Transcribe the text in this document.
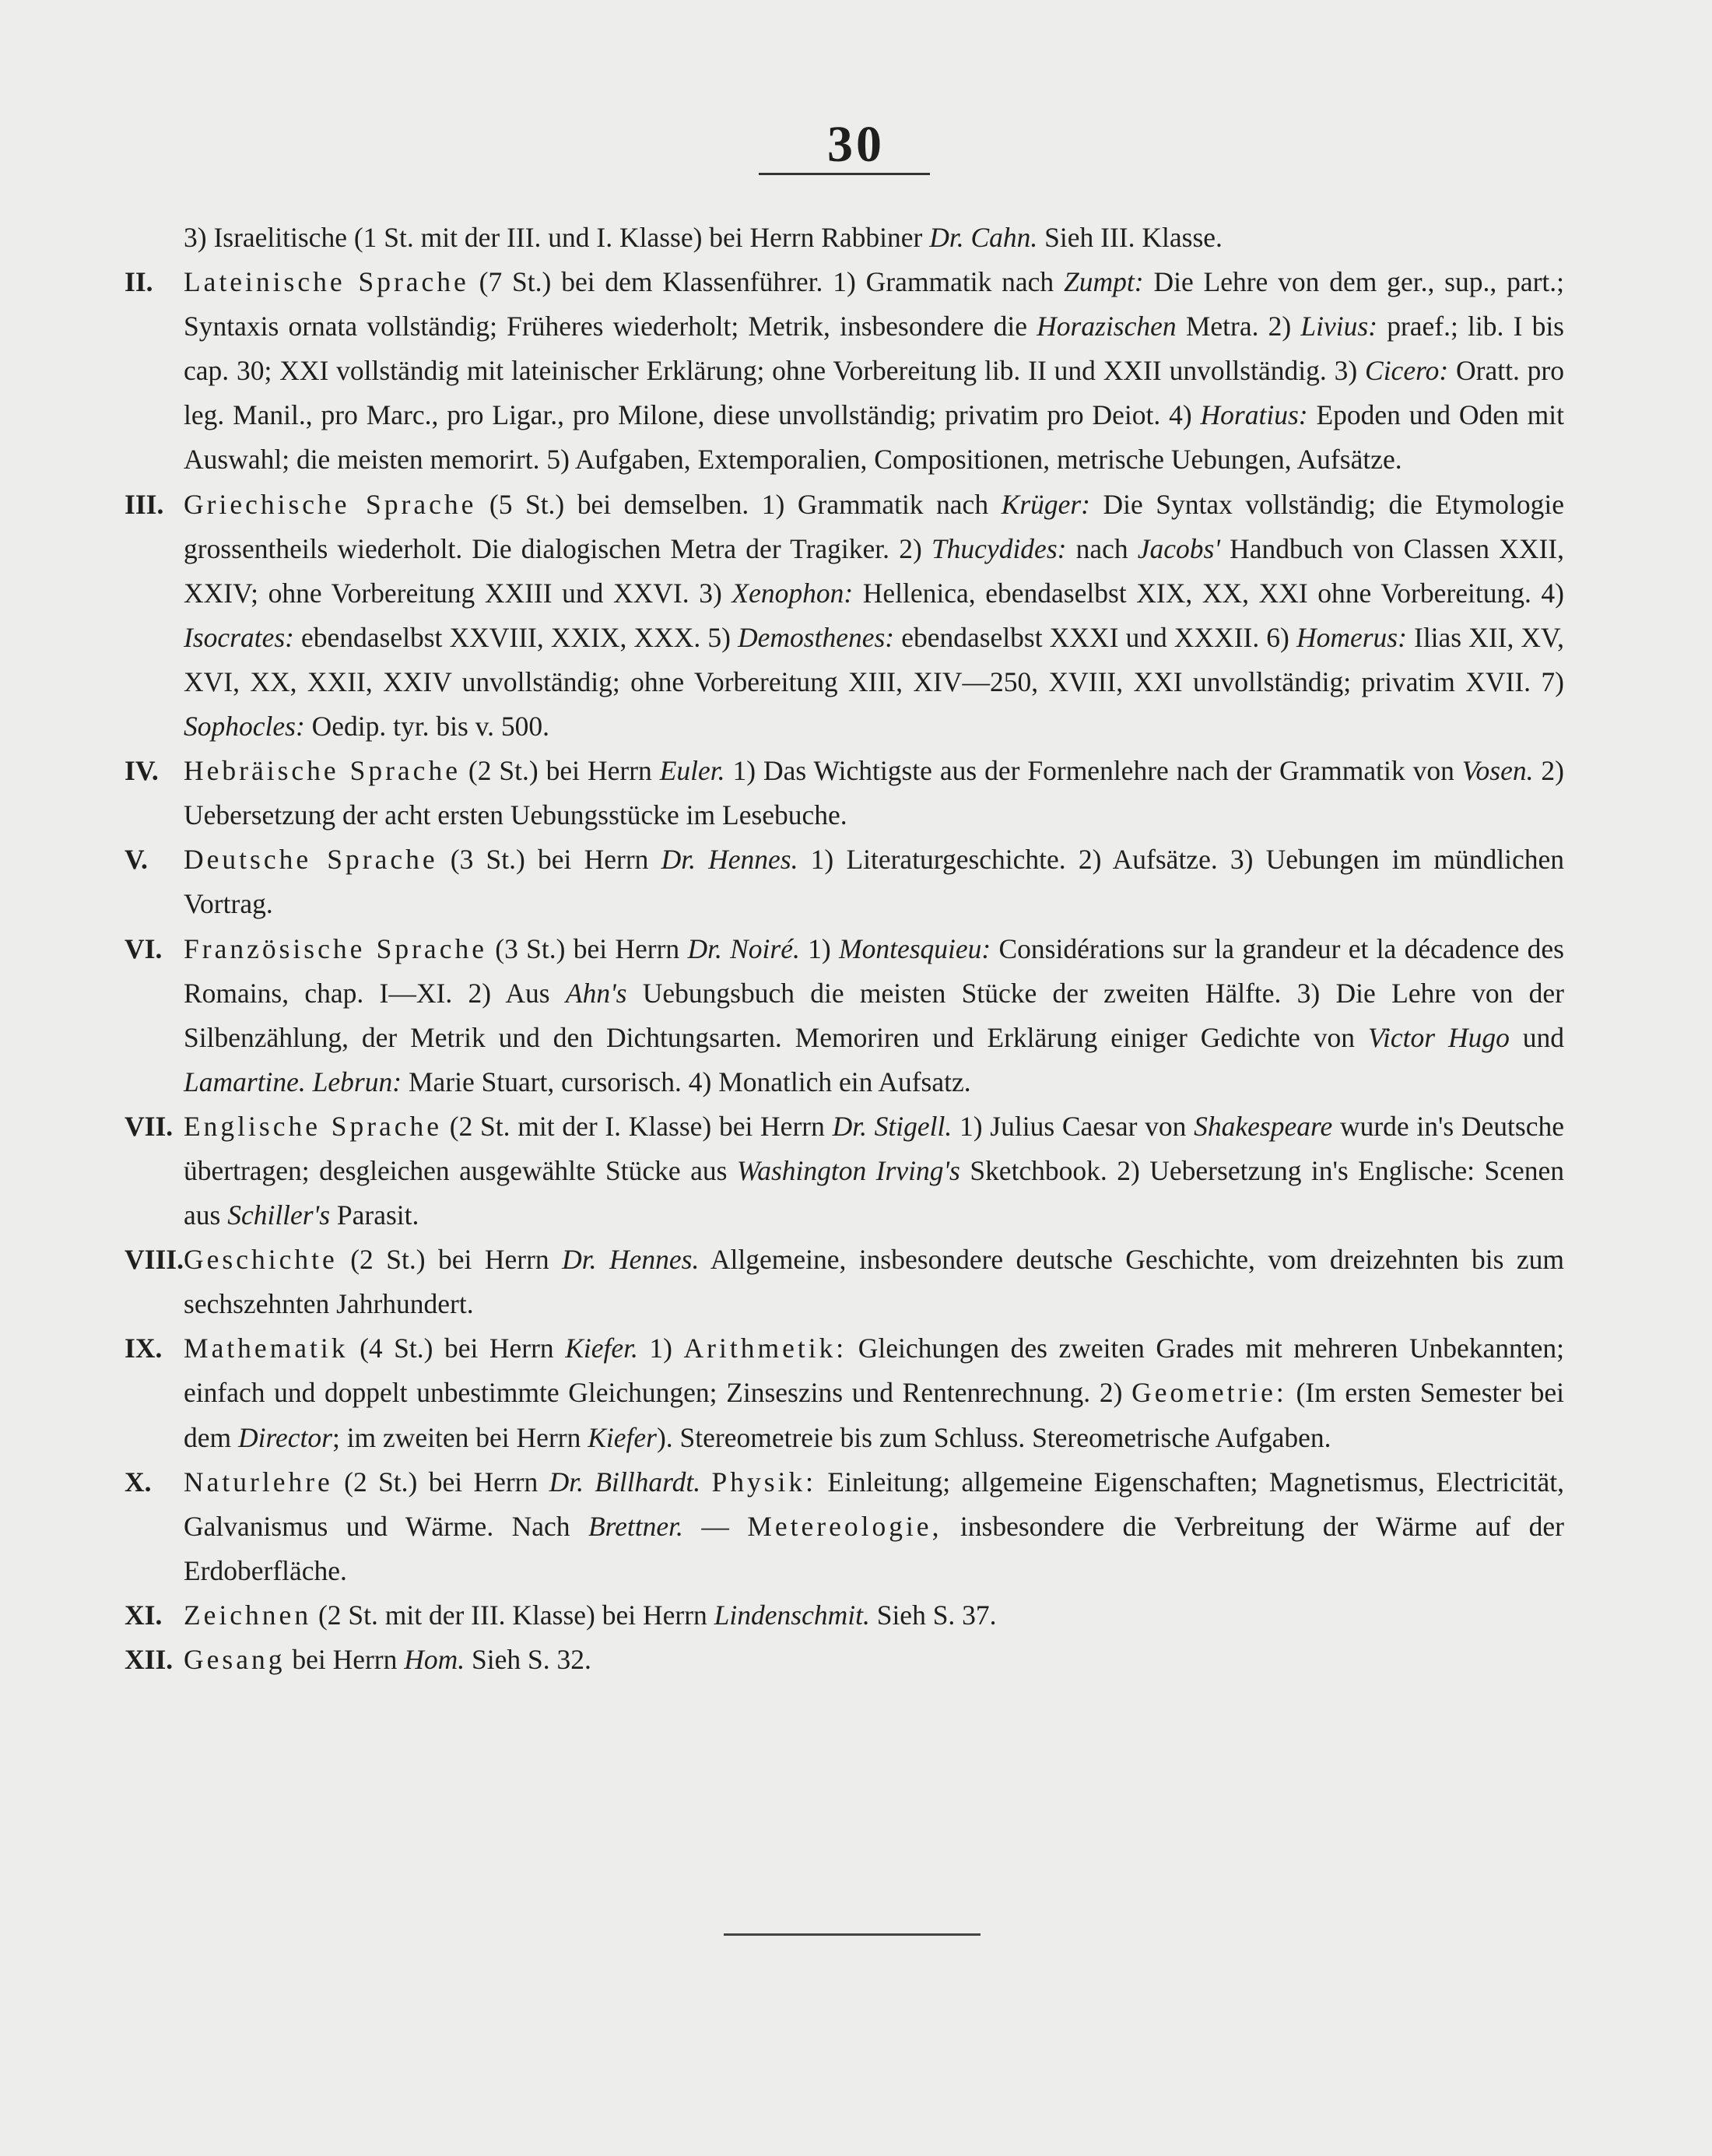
30
3) Israelitische (1 St. mit der III. und I. Klasse) bei Herrn Rabbiner Dr. Cahn. Sieh III. Klasse.
II. Lateinische Sprache (7 St.) bei dem Klassenführer. 1) Grammatik nach Zumpt: Die Lehre von dem ger., sup., part.; Syntaxis ornata vollständig; Früheres wiederholt; Metrik, insbesondere die Horazischen Metra. 2) Livius: praef.; lib. I bis cap. 30; XXI vollständig mit lateinischer Erklärung; ohne Vorbereitung lib. II und XXII unvollständig. 3) Cicero: Oratt. pro leg. Manil., pro Marc., pro Ligar., pro Milone, diese unvollständig; privatim pro Deiot. 4) Horatius: Epoden und Oden mit Auswahl; die meisten memorirt. 5) Aufgaben, Extemporalien, Compositionen, metrische Uebungen, Aufsätze.
III. Griechische Sprache (5 St.) bei demselben. 1) Grammatik nach Krüger: Die Syntax vollständig; die Etymologie grossentheils wiederholt. Die dialogischen Metra der Tragiker. 2) Thucydides: nach Jacobs' Handbuch von Classen XXII, XXIV; ohne Vorbereitung XXIII und XXVI. 3) Xenophon: Hellenica, ebendaselbst XIX, XX, XXI ohne Vorbereitung. 4) Isocrates: ebendaselbst XXVIII, XXIX, XXX. 5) Demosthenes: ebendaselbst XXXI und XXXII. 6) Homerus: Ilias XII, XV, XVI, XX, XXII, XXIV unvollständig; ohne Vorbereitung XIII, XIV—250, XVIII, XXI unvollständig; privatim XVII. 7) Sophocles: Oedip. tyr. bis v. 500.
IV. Hebräische Sprache (2 St.) bei Herrn Euler. 1) Das Wichtigste aus der Formenlehre nach der Grammatik von Vosen. 2) Uebersetzung der acht ersten Uebungsstücke im Lesebuche.
V. Deutsche Sprache (3 St.) bei Herrn Dr. Hennes. 1) Literaturgeschichte. 2) Aufsätze. 3) Uebungen im mündlichen Vortrag.
VI. Französische Sprache (3 St.) bei Herrn Dr. Noiré. 1) Montesquieu: Considérations sur la grandeur et la décadence des Romains, chap. I—XI. 2) Aus Ahn's Uebungsbuch die meisten Stücke der zweiten Hälfte. 3) Die Lehre von der Silbenzählung, der Metrik und den Dichtungsarten. Memoriren und Erklärung einiger Gedichte von Victor Hugo und Lamartine. Lebrun: Marie Stuart, cursorisch. 4) Monatlich ein Aufsatz.
VII. Englische Sprache (2 St. mit der I. Klasse) bei Herrn Dr. Stigell. 1) Julius Caesar von Shakespeare wurde in's Deutsche übertragen; desgleichen ausgewählte Stücke aus Washington Irving's Sketchbook. 2) Uebersetzung in's Englische: Scenen aus Schiller's Parasit.
VIII. Geschichte (2 St.) bei Herrn Dr. Hennes. Allgemeine, insbesondere deutsche Geschichte, vom dreizehnten bis zum sechszehnten Jahrhundert.
IX. Mathematik (4 St.) bei Herrn Kiefer. 1) Arithmetik: Gleichungen des zweiten Grades mit mehreren Unbekannten; einfach und doppelt unbestimmte Gleichungen; Zinseszins und Rentenrechnung. 2) Geometrie: (Im ersten Semester bei dem Director; im zweiten bei Herrn Kiefer). Stereometreie bis zum Schluss. Stereometrische Aufgaben.
X. Naturlehre (2 St.) bei Herrn Dr. Billhardt. Physik: Einleitung; allgemeine Eigenschaften; Magnetismus, Electricität, Galvanismus und Wärme. Nach Brettner. — Metereologie, insbesondere die Verbreitung der Wärme auf der Erdoberfläche.
XI. Zeichnen (2 St. mit der III. Klasse) bei Herrn Lindenschmit. Sieh S. 37.
XII. Gesang bei Herrn Hom. Sieh S. 32.
